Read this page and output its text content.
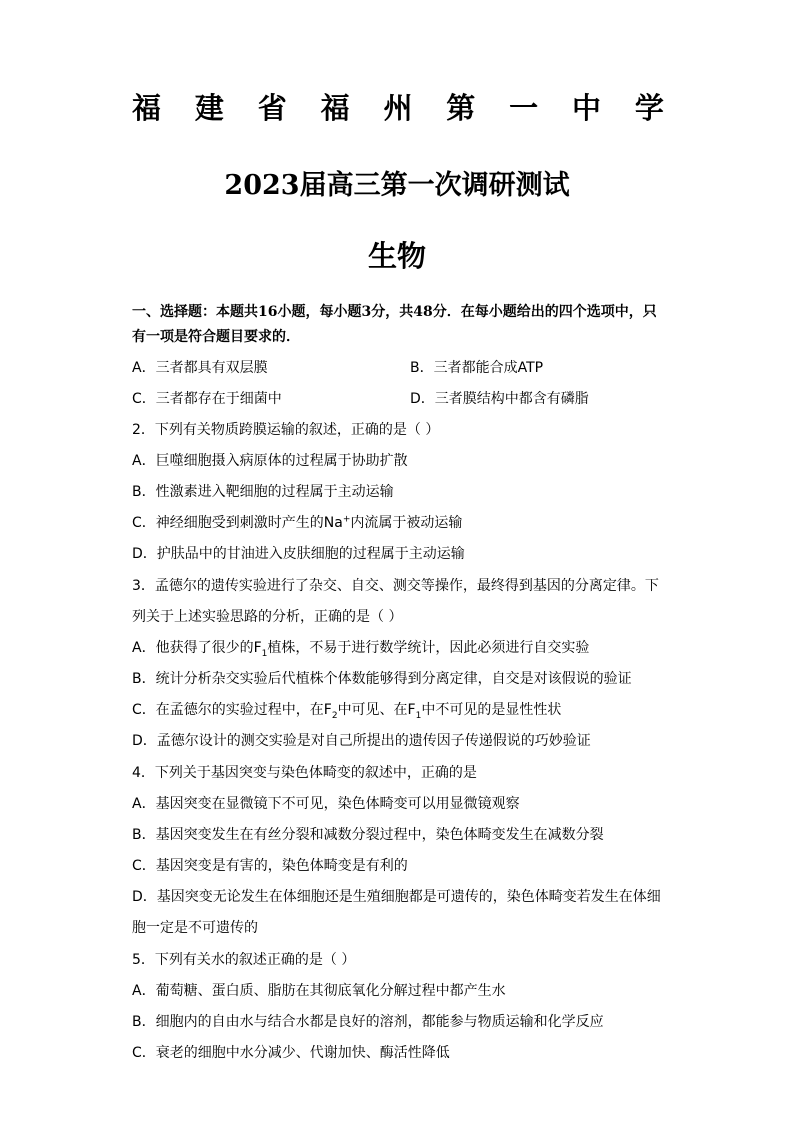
福 建 省 福 州 第 一 中 学
2023届高三第一次调研测试
生物
一、选择题：本题共16小题，每小题3分，共48分．在每小题给出的四个选项中，只有一项是符合题目要求的．
A．三者都具有双层膜	B．三者都能合成ATP
C．三者都存在于细菌中	D．三者膜结构中都含有磷脂
2．下列有关物质跨膜运输的叙述，正确的是（ ）
A．巨噬细胞摄入病原体的过程属于协助扩散
B．性激素进入靶细胞的过程属于主动运输
C．神经细胞受到刺激时产生的Na+内流属于被动运输
D．护肤品中的甘油进入皮肤细胞的过程属于主动运输
3．孟德尔的遗传实验进行了杂交、自交、测交等操作，最终得到基因的分离定律。下
列关于上述实验思路的分析，正确的是（ ）
A．他获得了很少的$F_1$植株，不易于进行数学统计，因此必须进行自交实验
B．统计分析杂交实验后代植株个体数能够得到分离定律，自交是对该假说的验证
C．在孟德尔的实验过程中，在$F_2$中可见、在$F_1$中不可见的是显性性状
D．孟德尔设计的测交实验是对自己所提出的遗传因子传递假说的巧妙验证
4．下列关于基因突变与染色体畸变的叙述中，正确的是
A．基因突变在显微镜下不可见，染色体畸变可以用显微镜观察
B．基因突变发生在有丝分裂和减数分裂过程中，染色体畸变发生在减数分裂
C．基因突变是有害的，染色体畸变是有利的
D．基因突变无论发生在体细胞还是生殖细胞都是可遗传的，染色体畸变若发生在体细
胞一定是不可遗传的
5．下列有关水的叙述正确的是（ ）
A．葡萄糖、蛋白质、脂肪在其彻底氧化分解过程中都产生水
B．细胞内的自由水与结合水都是良好的溶剂，都能参与物质运输和化学反应
C．衰老的细胞中水分减少、代谢加快、酶活性降低
